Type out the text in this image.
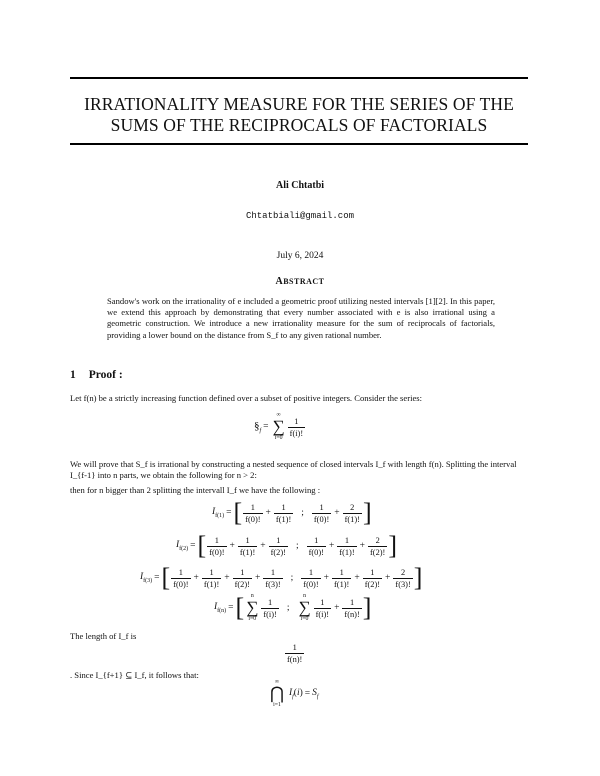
IRRATIONALITY MEASURE FOR THE SERIES OF THE
SUMS OF THE RECIPROCALS OF FACTORIALS
Ali Chtatbi
Chtatbiali@gmail.com
July 6, 2024
ABSTRACT
Sandow's work on the irrationality of e included a geometric proof utilizing nested intervals [1][2]. In this paper, we extend this approach by demonstrating that every number associated with e is also irrational using a geometric construction. We introduce a new irrationality measure for the sum of reciprocals of factorials, providing a lower bound on the distance from S_f to any given rational number.
1 Proof :
Let f(n) be a strictly increasing function defined over a subset of positive integers. Consider the series:
$\S_f$ =
∞
∑
$i=0 \frac{1}{f(i)!}$
We will prove that S_f is irrational by constructing a nested sequence of closed intervals I_f with length f(n). Splitting the interval I_{f-1} into n parts, we obtain the following for n > 2:
then for n bigger than 2 splitting the intervall I_f we have the following :
$I_{f(1)}$ = [ $\frac{1}{f(0)!} + \frac{1}{f(1)!}$ ; $\frac{1}{f(0)!} + \frac{2}{f(1)!}$ ]
$I_{f(2)}$ = [ $\frac{1}{f(0)!} + \frac{1}{f(1)!} + \frac{1}{f(2)!}$ ; $\frac{1}{f(0)!} + \frac{1}{f(1)!} + \frac{2}{f(2)!}$ ]
$I_{f(3)}$ = [ $\frac{1}{f(0)!} + \frac{1}{f(1)!} + \frac{1}{f(2)!} + \frac{1}{f(3)!}$ ; $\frac{1}{f(0)!} + \frac{1}{f(1)!} + \frac{1}{f(2)!} + \frac{2}{f(3)!}$ ]
$I_{f(n)}$ = [ n
∑
$i=0 \frac{1}{f(i)!}$ ;
n
∑
$i=0 \frac{1}{f(i)!} + \frac{1}{f(n)!}$ ]
The length of I_f is
$\frac{1}{f(n)!}$
. Since I_{f+1} ⊆ I_f, it follows that:
∞
⋂
i=1
$I_f(i) = S_f$
